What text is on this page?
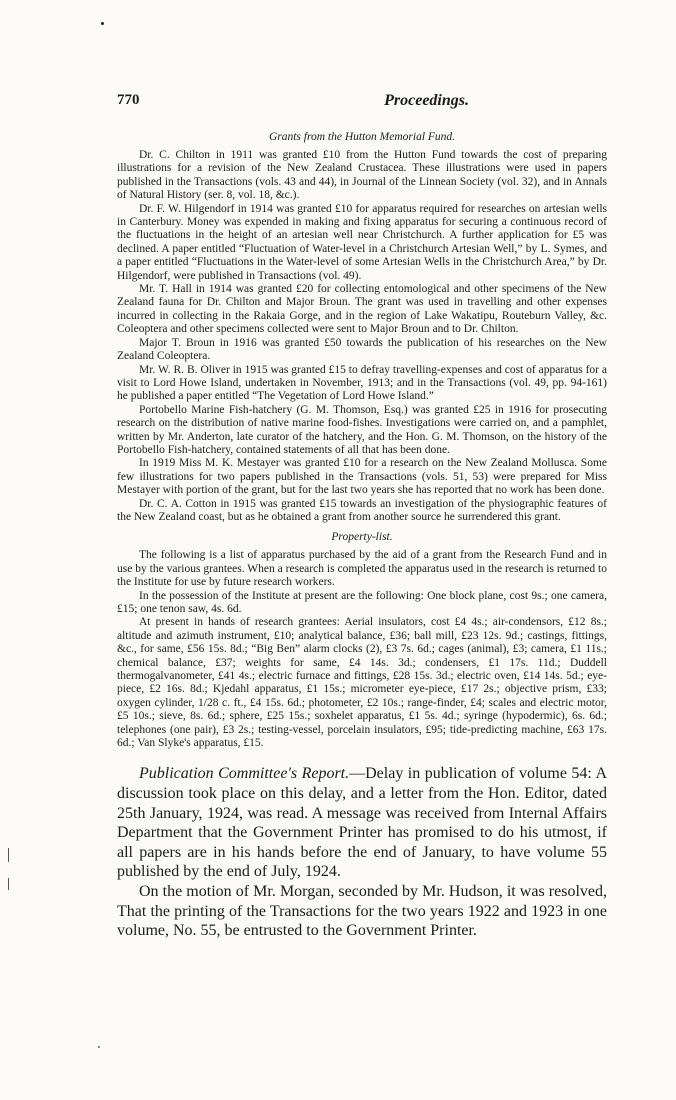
770	Proceedings.
Grants from the Hutton Memorial Fund.

Dr. C. Chilton in 1911 was granted £10 from the Hutton Fund towards the cost of preparing illustrations for a revision of the New Zealand Crustacea. These illustrations were used in papers published in the Transactions (vols. 43 and 44), in Journal of the Linnean Society (vol. 32), and in Annals of Natural History (ser. 8, vol. 18, &c.).

Dr. F. W. Hilgendorf in 1914 was granted £10 for apparatus required for researches on artesian wells in Canterbury. Money was expended in making and fixing apparatus for securing a continuous record of the fluctuations in the height of an artesian well near Christchurch. A further application for £5 was declined. A paper entitled “Fluctuation of Water-level in a Christchurch Artesian Well,” by L. Symes, and a paper entitled “Fluctuations in the Water-level of some Artesian Wells in the Christchurch Area,” by Dr. Hilgendorf, were published in Transactions (vol. 49).

Mr. T. Hall in 1914 was granted £20 for collecting entomological and other specimens of the New Zealand fauna for Dr. Chilton and Major Broun. The grant was used in travelling and other expenses incurred in collecting in the Rakaia Gorge, and in the region of Lake Wakatipu, Routeburn Valley, &c. Coleoptera and other specimens collected were sent to Major Broun and to Dr. Chilton.

Major T. Broun in 1916 was granted £50 towards the publication of his researches on the New Zealand Coleoptera.

Mr. W. R. B. Oliver in 1915 was granted £15 to defray travelling-expenses and cost of apparatus for a visit to Lord Howe Island, undertaken in November, 1913; and in the Transactions (vol. 49, pp. 94-161) he published a paper entitled “The Vegetation of Lord Howe Island.”

Portobello Marine Fish-hatchery (G. M. Thomson, Esq.) was granted £25 in 1916 for prosecuting research on the distribution of native marine food-fishes. Investigations were carried on, and a pamphlet, written by Mr. Anderton, late curator of the hatchery, and the Hon. G. M. Thomson, on the history of the Portobello Fish-hatchery, contained statements of all that has been done.

In 1919 Miss M. K. Mestayer was granted £10 for a research on the New Zealand Mollusca. Some few illustrations for two papers published in the Transactions (vols. 51, 53) were prepared for Miss Mestayer with portion of the grant, but for the last two years she has reported that no work has been done.

Dr. C. A. Cotton in 1915 was granted £15 towards an investigation of the physiographic features of the New Zealand coast, but as he obtained a grant from another source he surrendered this grant.

Property-list.

The following is a list of apparatus purchased by the aid of a grant from the Research Fund and in use by the various grantees. When a research is completed the apparatus used in the research is returned to the Institute for use by future research workers.

In the possession of the Institute at present are the following: One block plane, cost 9s.; one camera, £15; one tenon saw, 4s. 6d.

At present in hands of research grantees: Aerial insulators, cost £4 4s.; air-condensors, £12 8s.; altitude and azimuth instrument, £10; analytical balance, £36; ball mill, £23 12s. 9d.; castings, fittings, &c., for same, £56 15s. 8d.; “Big Ben” alarm clocks (2), £3 7s. 6d.; cages (animal), £3; camera, £1 11s.; chemical balance, £37; weights for same, £4 14s. 3d.; condensers, £1 17s. 11d.; Duddell thermogalvanometer, £41 4s.; electric furnace and fittings, £28 15s. 3d.; electric oven, £14 14s. 5d.; eye-piece, £2 16s. 8d.; Kjedahl apparatus, £1 15s.; micrometer eye-piece, £17 2s.; objective prism, £33; oxygen cylinder, 1/28 c. ft., £4 15s. 6d.; photometer, £2 10s.; range-finder, £4; scales and electric motor, £5 10s.; sieve, 8s. 6d.; sphere, £25 15s.; soxhelet apparatus, £1 5s. 4d.; syringe (hypodermic), 6s. 6d.; telephones (one pair), £3 2s.; testing-vessel, porcelain insulators, £95; tide-predicting machine, £63 17s. 6d.; Van Slyke's apparatus, £15.

Publication Committee's Report.—Delay in publication of volume 54: A discussion took place on this delay, and a letter from the Hon. Editor, dated 25th January, 1924, was read. A message was received from Internal Affairs Department that the Government Printer has promised to do his utmost, if all papers are in his hands before the end of January, to have volume 55 published by the end of July, 1924.

On the motion of Mr. Morgan, seconded by Mr. Hudson, it was resolved, That the printing of the Transactions for the two years 1922 and 1923 in one volume, No. 55, be entrusted to the Government Printer.
